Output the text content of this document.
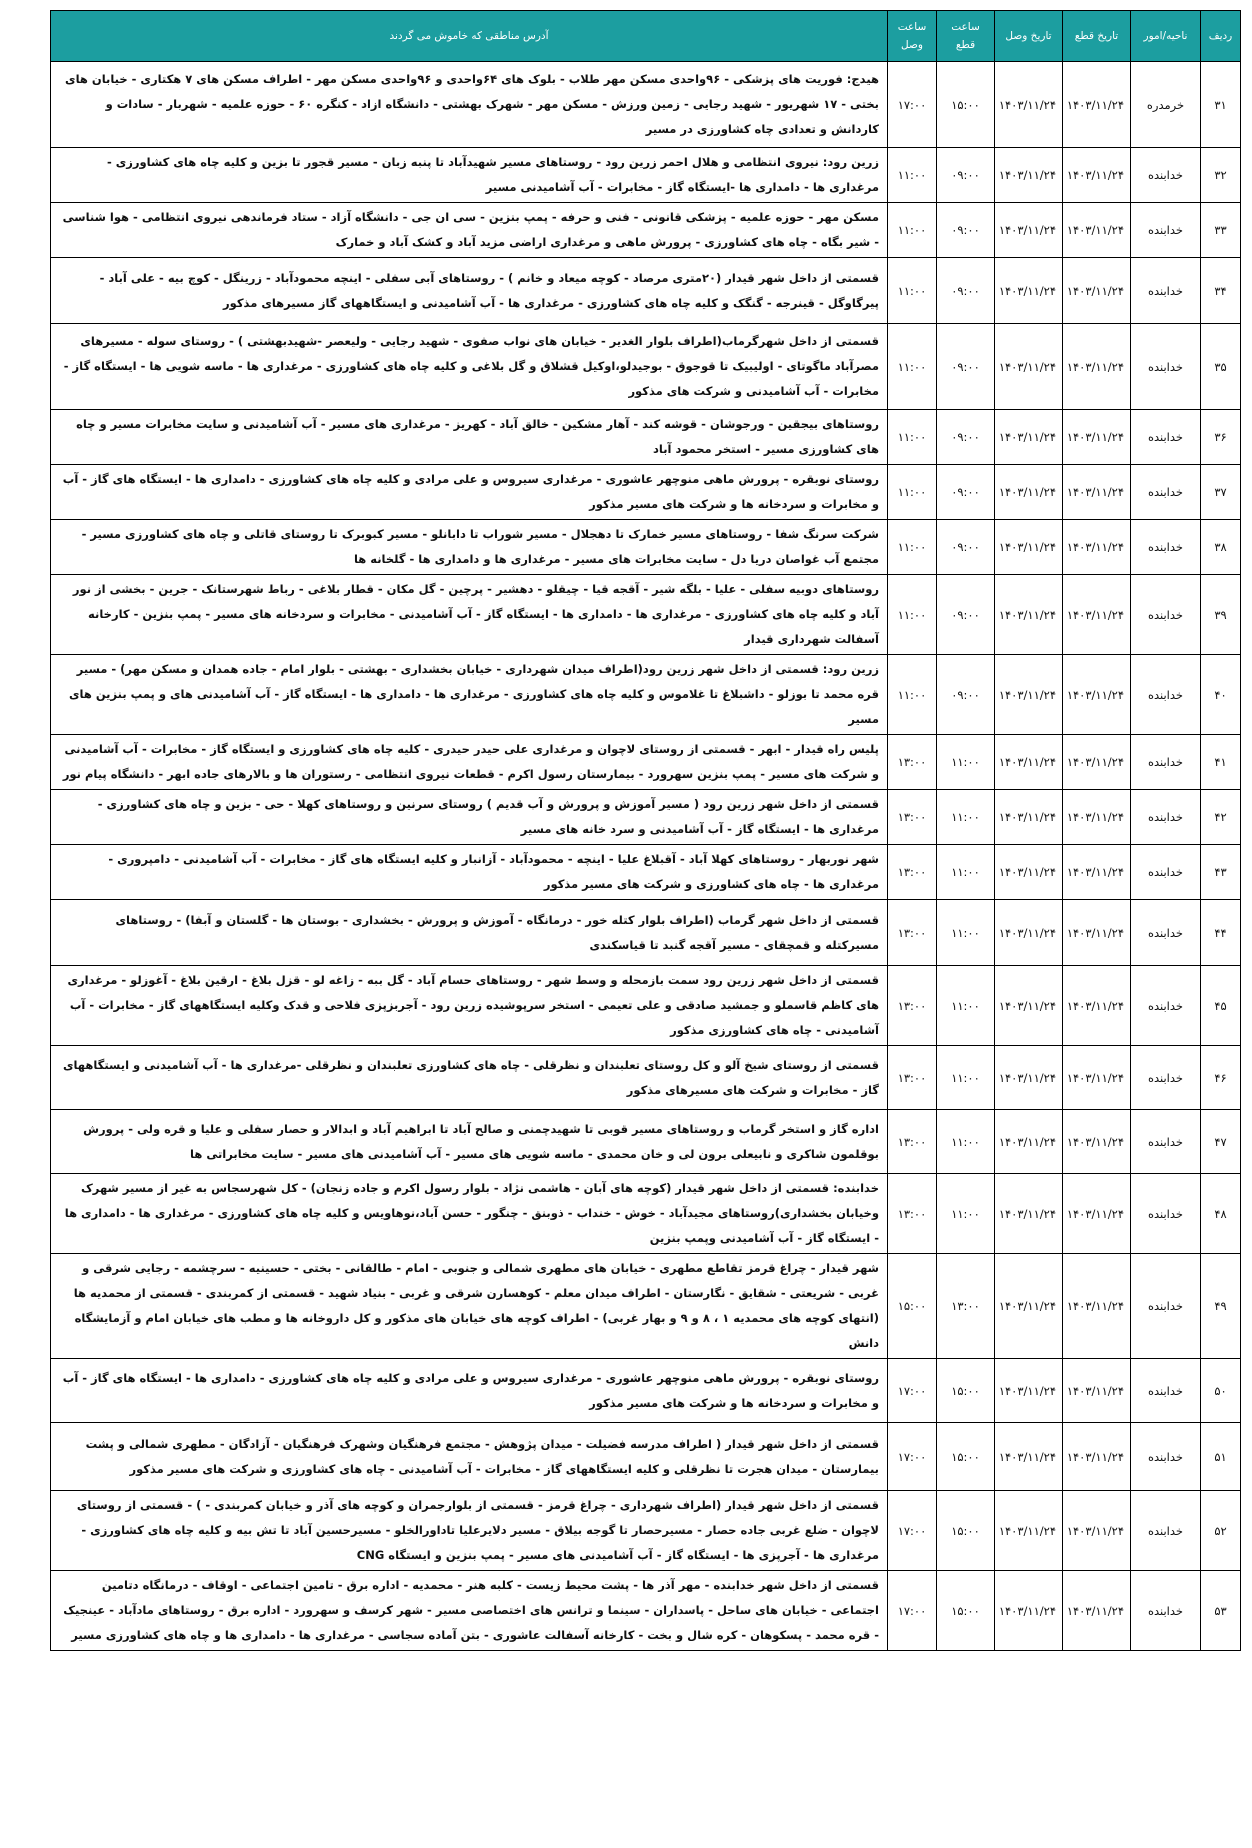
ردیف	ناحیه/امور	تاریخ قطع	تاریخ وصل	ساعت قطع	ساعت وصل	آدرس مناطقی که خاموش می گردند
۳۱	خرمدره	۱۴۰۳/۱۱/۲۴	۱۴۰۳/۱۱/۲۴	۱۵:۰۰	۱۷:۰۰	هیدج: فوریت های پزشکی - ۹۶واحدی مسکن مهر طلاب - بلوک های ۶۴واحدی و ۹۶واحدی مسکن مهر - اطراف مسکن های ۷ هکتاری - خیابان های بختی - ۱۷ شهریور - شهید رجایی - زمین ورزش - مسکن مهر - شهرک بهشتی - دانشگاه ازاد - کنگره ۶۰ - حوزه علمیه - شهربار - سادات و کاردانش و تعدادی چاه کشاورزی در مسیر
۳۲	خدابنده	۱۴۰۳/۱۱/۲۴	۱۴۰۳/۱۱/۲۴	۰۹:۰۰	۱۱:۰۰	زرین رود: نیروی انتظامی و هلال احمر زرین رود - روستاهای مسیر شهیدآباد تا پنبه زبان - مسیر قجور تا بزین و کلیه چاه های کشاورزی - مرغداری ها - دامداری ها -ایستگاه گاز - مخابرات - آب آشامیدنی مسیر
۳۳	خدابنده	۱۴۰۳/۱۱/۲۴	۱۴۰۳/۱۱/۲۴	۰۹:۰۰	۱۱:۰۰	مسکن مهر - حوزه علمیه - پزشکی قانونی - فنی و حرفه - پمپ بنزین - سی ان جی - دانشگاه آزاد - ستاد فرماندهی نیروی انتظامی - هوا شناسی - شیر بگاه - چاه های کشاورزی - پرورش ماهی و مرغداری اراضی مزید آباد و کشک آباد و خمارک
۳۴	خدابنده	۱۴۰۳/۱۱/۲۴	۱۴۰۳/۱۱/۲۴	۰۹:۰۰	۱۱:۰۰	قسمتی از داخل شهر قیدار (۲۰متری مرصاد - کوچه میعاد و خانم ) - روستاهای آبی سفلی - اینچه محمودآباد - زرینگل - کوچ بیه - علی آباد - پیرگاوگل - قینرجه - گنگک و کلیه چاه های کشاورزی - مرغداری ها - آب آشامیدنی و ایستگاههای گاز مسیرهای مذکور
۳۵	خدابنده	۱۴۰۳/۱۱/۲۴	۱۴۰۳/۱۱/۲۴	۰۹:۰۰	۱۱:۰۰	قسمتی از داخل شهرگرماب(اطراف بلوار الغدیر - خیابان های نواب صفوی - شهید رجایی - ولیعصر -شهیدبهشتی ) - روستای سوله - مسیرهای مصرآباد ماگوتای - اولیبیک تا قوجوق - بوجیدلو،اوکیل قشلاق و گل بلاغی و کلیه چاه های کشاورزی - مرغداری ها - ماسه شویی ها - ایستگاه گاز - مخابرات - آب آشامیدنی و شرکت های مذکور
۳۶	خدابنده	۱۴۰۳/۱۱/۲۴	۱۴۰۳/۱۱/۲۴	۰۹:۰۰	۱۱:۰۰	روستاهای بیجقین - ورجوشان - قوشه کند - آهار مشکین - خالق آباد - کهریز - مرغداری های مسیر - آب آشامیدنی و سایت مخابرات مسیر و چاه های کشاورزی مسیر - استخر محمود آباد
۳۷	خدابنده	۱۴۰۳/۱۱/۲۴	۱۴۰۳/۱۱/۲۴	۰۹:۰۰	۱۱:۰۰	روستای نوبقره - پرورش ماهی منوچهر عاشوری - مرغداری سیروس و علی مرادی و کلیه چاه های کشاورزی - دامداری ها - ایستگاه های گاز - آب و مخابرات و سردخانه ها و شرکت های مسیر مذکور
۳۸	خدابنده	۱۴۰۳/۱۱/۲۴	۱۴۰۳/۱۱/۲۴	۰۹:۰۰	۱۱:۰۰	شرکت سرنگ شفا - روستاهای مسیر خمارک تا دهجلال - مسیر شوراب تا دابانلو - مسیر کبوبرک تا روستای قاتلی و چاه های کشاورزی مسیر - مجتمع آب غواصان دریا دل - سایت مخابرات های مسیر - مرغداری ها و دامداری ها - گلخانه ها
۳۹	خدابنده	۱۴۰۳/۱۱/۲۴	۱۴۰۳/۱۱/۲۴	۰۹:۰۰	۱۱:۰۰	روستاهای دوبیه سفلی - علیا - بلگه شیر - آقجه قیا - چیقلو - دهشیر - پرچین - گل مکان - قطار بلاغی - رباط شهرستانک - جرین - بخشی از نور آباد و کلیه چاه های کشاورزی - مرغداری ها - دامداری ها - ایستگاه گاز - آب آشامیدنی - مخابرات و سردخانه های مسیر - پمپ بنزین - کارخانه آسفالت شهرداری قیدار
۴۰	خدابنده	۱۴۰۳/۱۱/۲۴	۱۴۰۳/۱۱/۲۴	۰۹:۰۰	۱۱:۰۰	زرین رود: قسمتی از داخل شهر زرین رود(اطراف میدان شهرداری - خیابان بخشداری - بهشتی - بلوار امام - جاده همدان و مسکن مهر) - مسیر قره محمد تا بوزلو - داشبلاغ تا غلاموس و کلیه چاه های کشاورزی - مرغداری ها - دامداری ها - ایستگاه گاز - آب آشامیدنی های و پمپ بنزین های مسیر
۴۱	خدابنده	۱۴۰۳/۱۱/۲۴	۱۴۰۳/۱۱/۲۴	۱۱:۰۰	۱۳:۰۰	پلیس راه قیدار - ابهر - قسمتی از روستای لاچوان و مرغداری علی حیدر حیدری - کلیه چاه های کشاورزی و ایستگاه گاز - مخابرات - آب آشامیدنی و شرکت های مسیر - پمپ بنزین سهرورد - بیمارستان رسول اکرم - قطعات نیروی انتظامی - رستوران ها و بالارهای جاده ابهر - دانشگاه پیام نور
۴۲	خدابنده	۱۴۰۳/۱۱/۲۴	۱۴۰۳/۱۱/۲۴	۱۱:۰۰	۱۳:۰۰	قسمتی از داخل شهر زرین رود ( مسیر آموزش و پرورش و آب قدیم ) روستای سرنین و روستاهای کهلا - حی - بزین و چاه های کشاورزی - مرغداری ها - ایستگاه گاز - آب آشامیدنی و سرد خانه های مسیر
۴۳	خدابنده	۱۴۰۳/۱۱/۲۴	۱۴۰۳/۱۱/۲۴	۱۱:۰۰	۱۳:۰۰	شهر نوربهار - روستاهای کهلا آباد - آقبلاغ علیا - اینچه - محمودآباد - آزانبار و کلیه ایستگاه های گاز - مخابرات - آب آشامیدنی - دامپروری - مرغداری ها - چاه های کشاورزی و شرکت های مسیر مذکور
۴۴	خدابنده	۱۴۰۳/۱۱/۲۴	۱۴۰۳/۱۱/۲۴	۱۱:۰۰	۱۳:۰۰	قسمتی از داخل شهر گرماب (اطراف بلوار کتله خور - درمانگاه - آموزش و پرورش - بخشداری - بوستان ها - گلستان و آبفا) - روستاهای مسیرکتله و قمچقای - مسیر آقجه گنبد تا قیاسکندی
۴۵	خدابنده	۱۴۰۳/۱۱/۲۴	۱۴۰۳/۱۱/۲۴	۱۱:۰۰	۱۳:۰۰	قسمتی از داخل شهر زرین رود سمت بازمحله و وسط شهر - روستاهای حسام آباد - گل ببه - زاغه لو - قزل بلاغ - ارقین بلاغ - آغوزلو - مرغداری های کاظم قاسملو و جمشید صادقی و علی تعیمی - استخر سرپوشیده زرین رود - آجربزپزی فلاحی و قدک وکلیه ایستگاههای گاز - مخابرات - آب آشامیدنی - چاه های کشاورزی مذکور
۴۶	خدابنده	۱۴۰۳/۱۱/۲۴	۱۴۰۳/۱۱/۲۴	۱۱:۰۰	۱۳:۰۰	قسمتی از روستای شیخ آلو و کل روستای تعلبندان و نظرقلی - چاه های کشاورزی تعلبندان و نظرقلی -مرغداری ها - آب آشامیدنی و ایستگاههای گاز - مخابرات و شرکت های مسیرهای مذکور
۴۷	خدابنده	۱۴۰۳/۱۱/۲۴	۱۴۰۳/۱۱/۲۴	۱۱:۰۰	۱۳:۰۰	اداره گاز و استخر گرماب و روستاهای مسیر قوبی تا شهیدچمنی و صالح آباد تا ابراهیم آباد و ابدالار و حصار سفلی و علیا و قره ولی - پرورش بوقلمون شاکری و نابیعلی برون لی و خان محمدی - ماسه شویی های مسیر - آب آشامیدنی های مسیر - سایت مخابراتی ها
۴۸	خدابنده	۱۴۰۳/۱۱/۲۴	۱۴۰۳/۱۱/۲۴	۱۱:۰۰	۱۳:۰۰	خدابنده: قسمتی از داخل شهر قیدار (کوچه های آبان - هاشمی نژاد - بلوار رسول اکرم و جاده زنجان) - کل شهرسجاس به غیر از مسیر شهرک وخیابان بخشداری)روستاهای مجیدآباد - خوش - خنداب - ذوبنق - چنگور - حسن آباد،نوهاویس و کلیه چاه های کشاورزی - مرغداری ها - دامداری ها - ایستگاه گاز - آب آشامیدنی وپمپ بنزین
۴۹	خدابنده	۱۴۰۳/۱۱/۲۴	۱۴۰۳/۱۱/۲۴	۱۳:۰۰	۱۵:۰۰	شهر قیدار - چراغ قرمز تقاطع مطهری - خیابان های مطهری شمالی و جنوبی - امام - طالقانی - بختی - حسینیه - سرچشمه - رجایی شرقی و غربی - شریعتی - شقایق - نگارستان - اطراف میدان معلم - کوهسارن شرقی و غربی - بنیاد شهید - قسمتی از کمربندی - قسمتی از محمدیه ها (انتهای کوچه های محمدیه ۱ ، ۸ و ۹ و بهار غربی) - اطراف کوچه های خیابان های مذکور و کل داروخانه ها و مطب های خیابان امام و آزمایشگاه دانش
۵۰	خدابنده	۱۴۰۳/۱۱/۲۴	۱۴۰۳/۱۱/۲۴	۱۵:۰۰	۱۷:۰۰	روستای نوبقره - پرورش ماهی منوچهر عاشوری - مرغداری سیروس و علی مرادی و کلیه چاه های کشاورزی - دامداری ها - ایستگاه های گاز - آب و مخابرات و سردخانه ها و شرکت های مسیر مذکور
۵۱	خدابنده	۱۴۰۳/۱۱/۲۴	۱۴۰۳/۱۱/۲۴	۱۵:۰۰	۱۷:۰۰	قسمتی از داخل شهر قیدار ( اطراف مدرسه فضیلت - میدان پژوهش - مجتمع فرهنگیان وشهرک فرهنگیان - آزادگان - مطهری شمالی و پشت بیمارستان - میدان هجرت تا نظرقلی و کلیه ایستگاههای گاز - مخابرات - آب آشامیدنی - چاه های کشاورزی و شرکت های مسیر مذکور
۵۲	خدابنده	۱۴۰۳/۱۱/۲۴	۱۴۰۳/۱۱/۲۴	۱۵:۰۰	۱۷:۰۰	قسمتی از داخل شهر قیدار (اطراف شهرداری - چراغ قرمز - قسمتی از بلوارجمران و کوچه های آذر و خیابان کمربندی - ) - قسمتی از روستای لاچوان - ضلع غربی جاده حصار - مسیرحصار تا گوجه بیلاق - مسیر دلایرعلیا تاداورالخلو - مسیرحسین آباد تا تش بیه و کلیه چاه های کشاورزی - مرغداری ها - آجرپزی ها - ایستگاه گاز - آب آشامیدنی های مسیر - پمپ بنزین و ایستگاه CNG
۵۳	خدابنده	۱۴۰۳/۱۱/۲۴	۱۴۰۳/۱۱/۲۴	۱۵:۰۰	۱۷:۰۰	قسمتی از داخل شهر خدابنده - مهر آذر ها - پشت محیط زیست - کلبه هنر - محمدیه - اداره برق - تامین اجتماعی - اوقاف - درمانگاه دتامین اجتماعی - خیابان های ساحل - پاسداران - سینما و ترانس های اختصاصی مسیر - شهر کرسف و سهرورد - اداره برق - روستاهای مادآباد - عینجیک - قره محمد - پسکوهان - کره شال و بخت - کارخانه آسفالت عاشوری - بتن آماده سجاسی - مرغداری ها - دامداری ها و چاه های کشاورزی مسیر
